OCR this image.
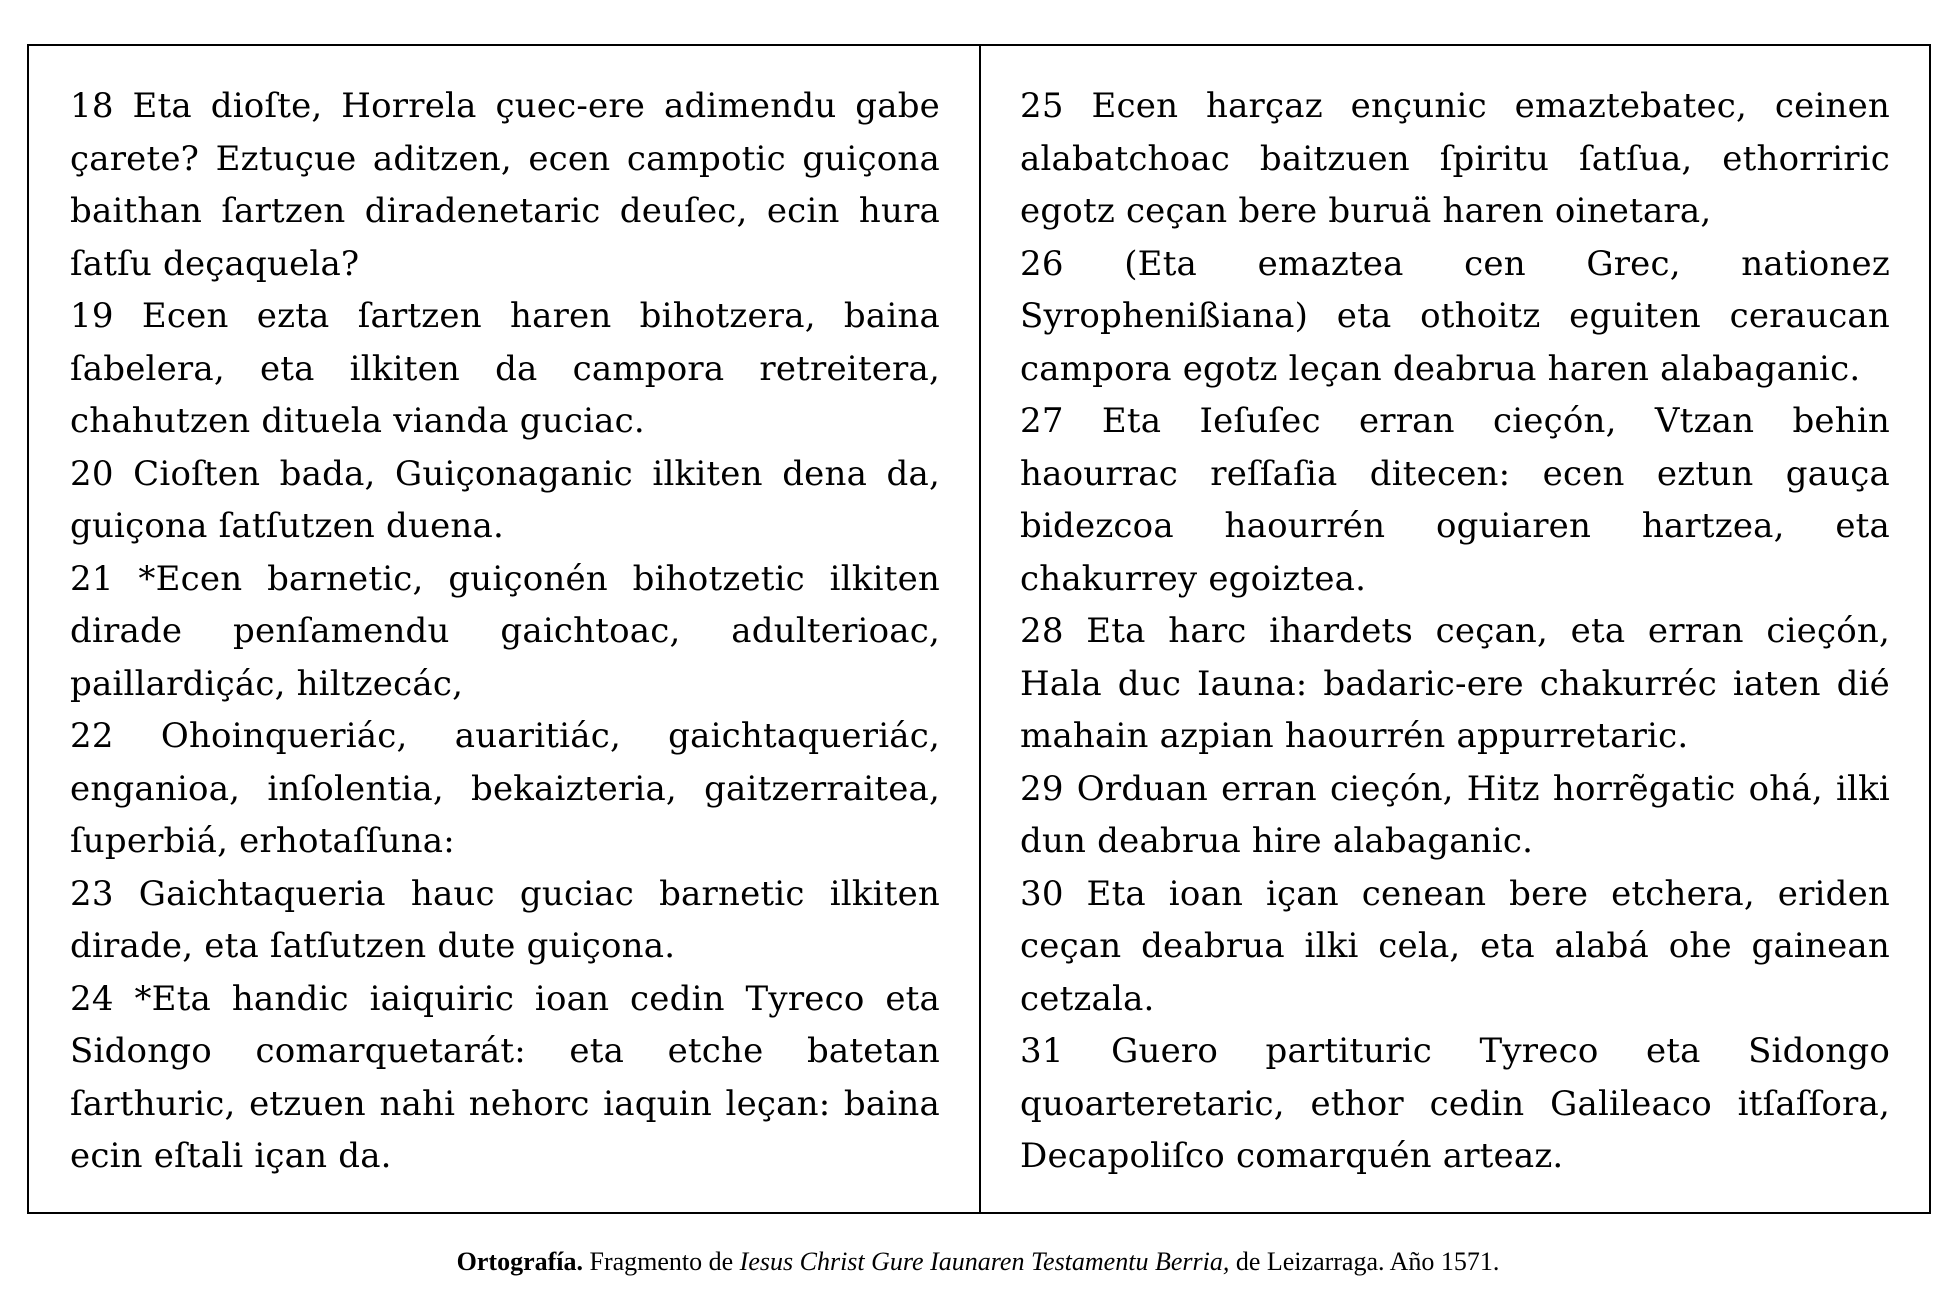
18 Eta dioſte, Horrela çuec-ere adimendu gabe çarete? Eztuçue aditzen, ecen campotic guiçona baithan ſartzen diradenetaric deuſec, ecin hura ſatſu deçaquela?

19 Ecen ezta ſartzen haren bihotzera, baina ſabelera, eta ilkiten da campora retreitera, chahutzen dituela vianda guciac.

20 Cioſten bada, Guiçonaganic ilkiten dena da, guiçona ſatſutzen duena.

21 *Ecen barnetic, guiçonén bihotzetic ilkiten dirade penſamendu gaichtoac, adulterioac, paillardiçác, hiltzecác,

22 Ohoinqueriác, auaritiác, gaichtaqueriác, enganioa, inſolentia, bekaizteria, gaitzerraitea, ſuperbiá, erhotaſſuna:

23 Gaichtaqueria hauc guciac barnetic ilkiten dirade, eta ſatſutzen dute guiçona.

24 *Eta handic iaiquiric ioan cedin Tyreco eta Sidongo comarquetarát: eta etche batetan ſarthuric, etzuen nahi nehorc iaquin leçan: baina ecin eſtali içan da.

25 Ecen harçaz ençunic emaztebatec, ceinen alabatchoac baitzuen ſpiritu ſatſua, ethorriric egotz ceçan bere buruä haren oinetara,

26 (Eta emaztea cen Grec, nationez Syrophenißiana) eta othoitz eguiten ceraucan campora egotz leçan deabrua haren alabaganic.

27 Eta Ieſuſec erran cieçón, Vtzan behin haourrac reſſaſia ditecen: ecen eztun gauça bidezcoa haourrén oguiaren hartzea, eta chakurrey egoiztea.

28 Eta harc ihardets ceçan, eta erran cieçón, Hala duc Iauna: badaric-ere chakurréc iaten dié mahain azpian haourrén appurretaric.

29 Orduan erran cieçón, Hitz horrẽgatic ohá, ilki dun deabrua hire alabaganic.

30 Eta ioan içan cenean bere etchera, eriden ceçan deabrua ilki cela, eta alabá ohe gainean cetzala.

31 Guero partituric Tyreco eta Sidongo quoarteretaric, ethor cedin Galileaco itſaſſora, Decapoliſco comarquén arteaz.

Ortografía. Fragmento de Iesus Christ Gure Iaunaren Testamentu Berria, de Leizarraga. Año 1571.
